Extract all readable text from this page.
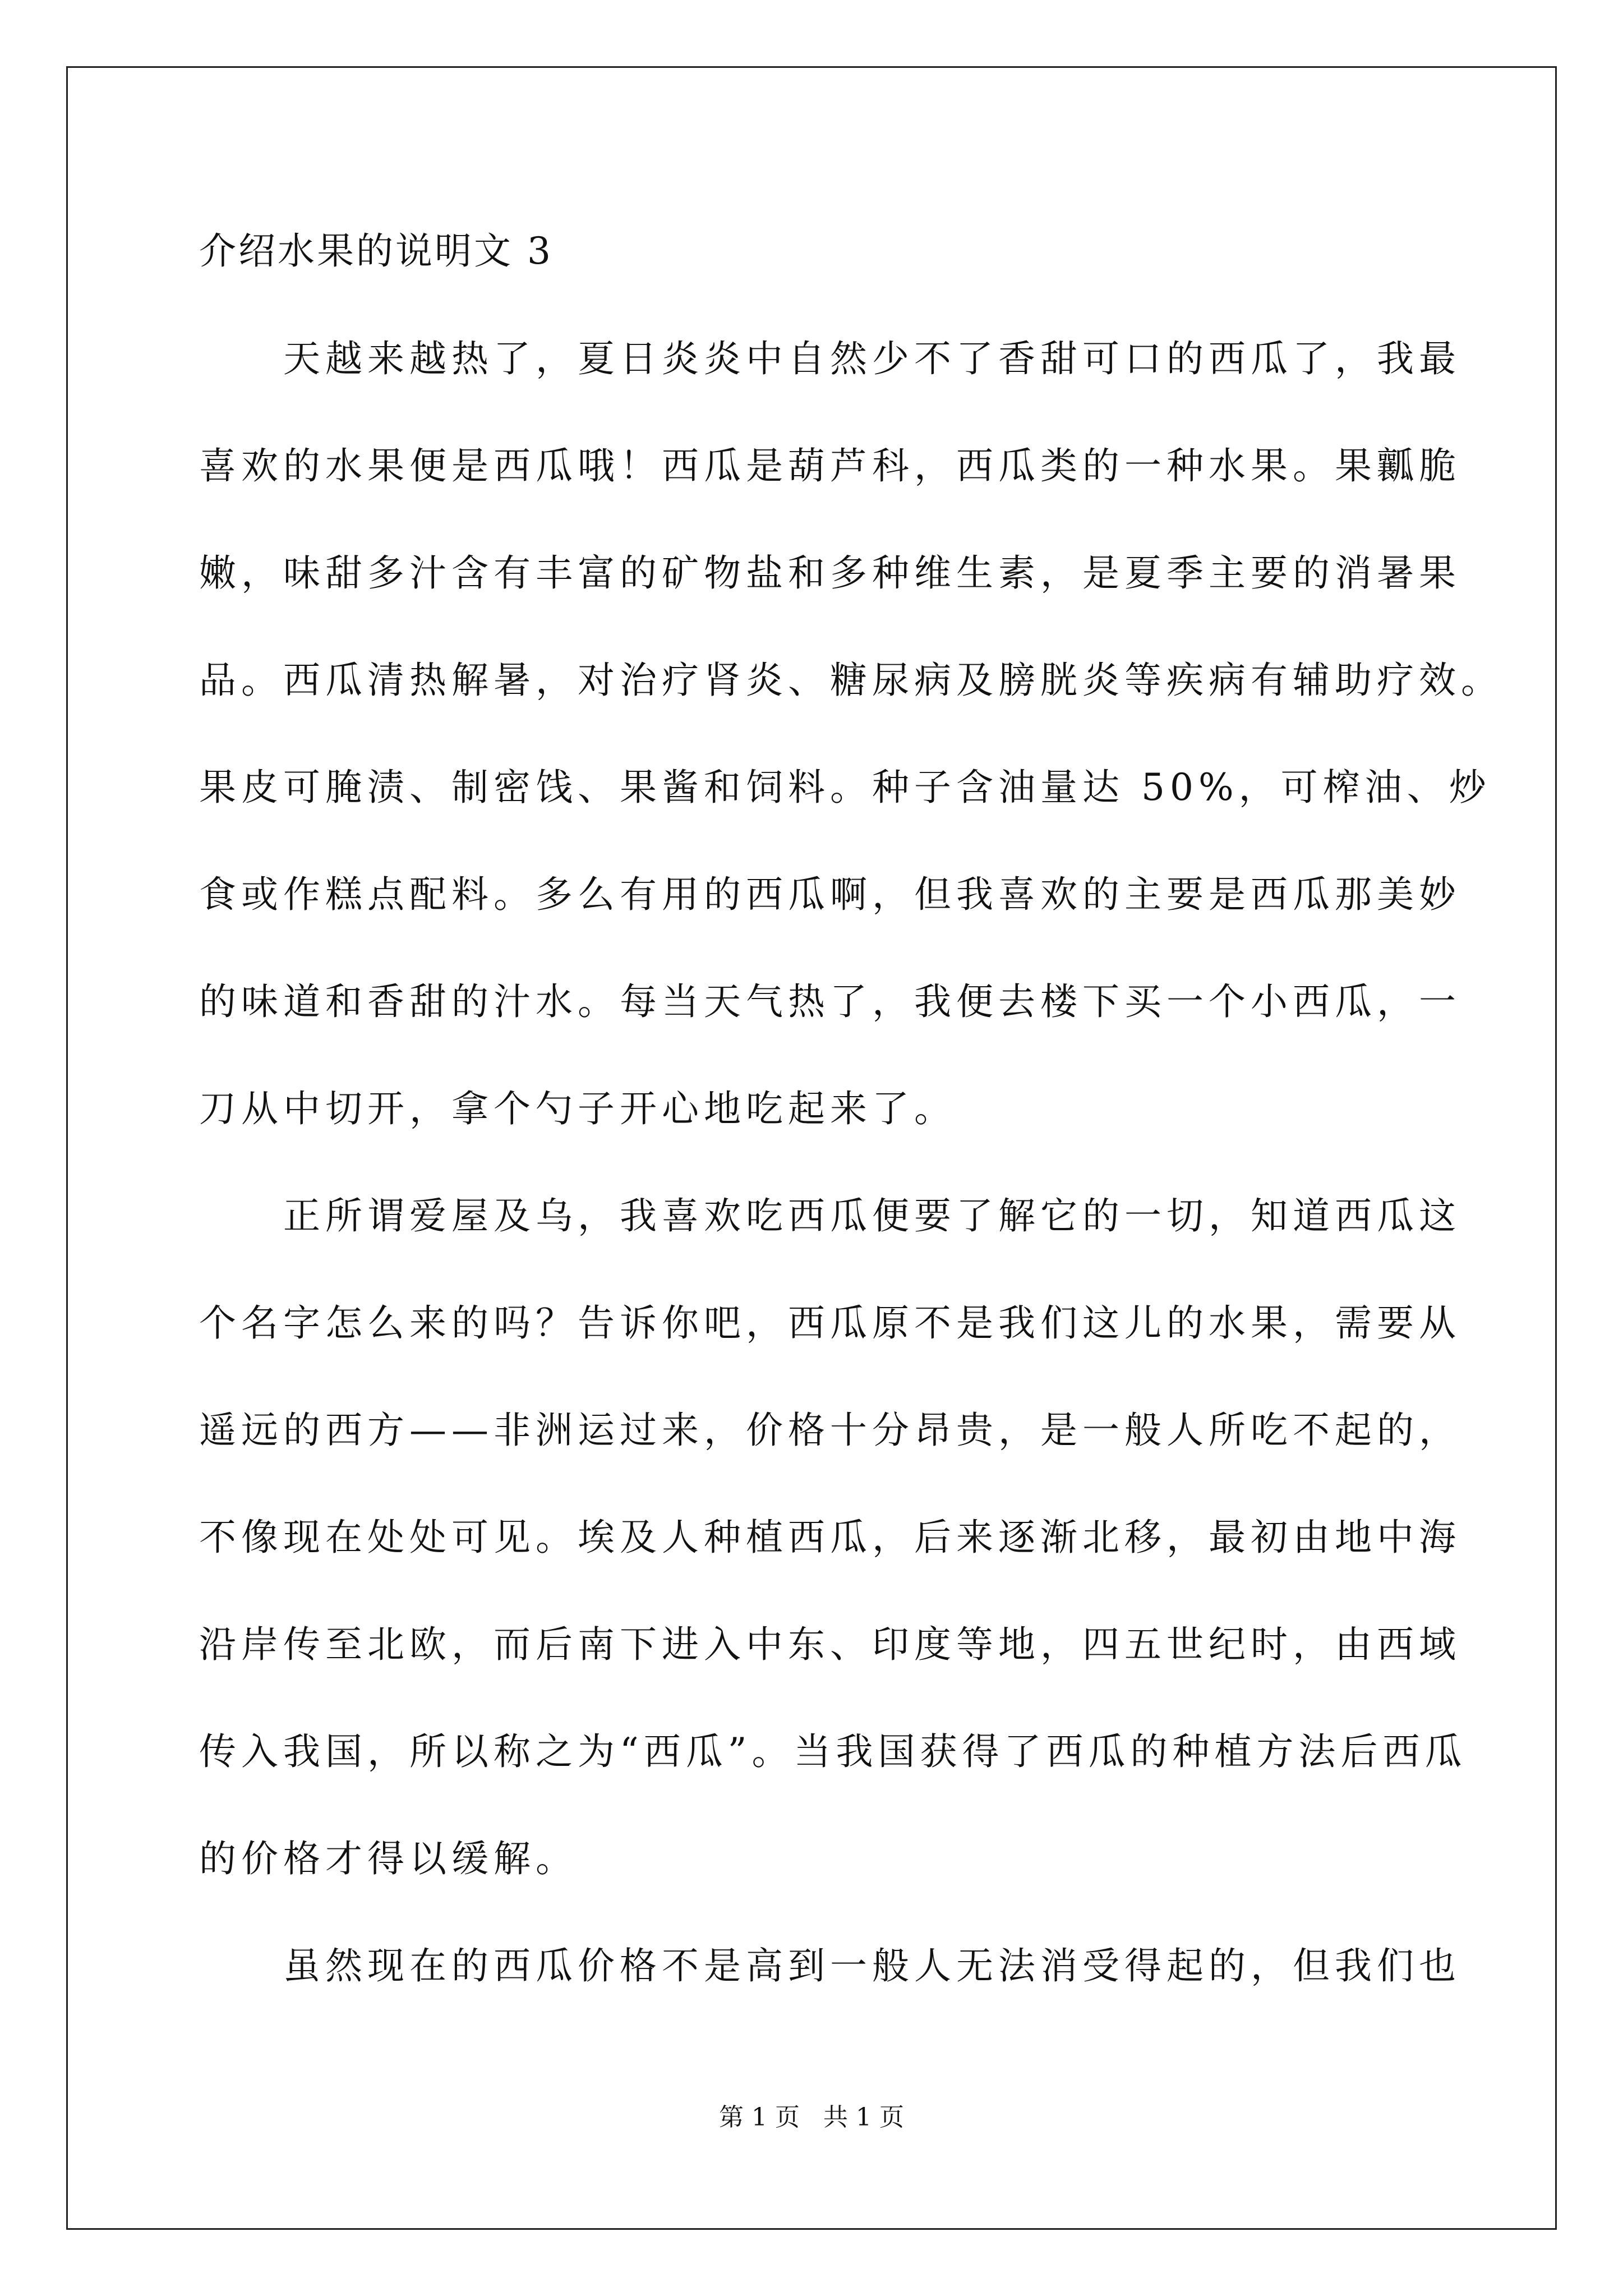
介绍水果的说明文 3

天越来越热了，夏日炎炎中自然少不了香甜可口的西瓜了，我最

喜欢的水果便是西瓜哦！西瓜是葫芦科，西瓜类的一种水果。果瓤脆

嫩，味甜多汁含有丰富的矿物盐和多种维生素，是夏季主要的消暑果

品。西瓜清热解暑，对治疗肾炎、糖尿病及膀胱炎等疾病有辅助疗效。

果皮可腌渍、制密饯、果酱和饲料。种子含油量达 50%，可榨油、炒

食或作糕点配料。多么有用的西瓜啊，但我喜欢的主要是西瓜那美妙

的味道和香甜的汁水。每当天气热了，我便去楼下买一个小西瓜，一

刀从中切开，拿个勺子开心地吃起来了。

正所谓爱屋及乌，我喜欢吃西瓜便要了解它的一切，知道西瓜这

个名字怎么来的吗？告诉你吧，西瓜原不是我们这儿的水果，需要从

遥远的西方——非洲运过来，价格十分昂贵，是一般人所吃不起的，

不像现在处处可见。埃及人种植西瓜，后来逐渐北移，最初由地中海

沿岸传至北欧，而后南下进入中东、印度等地，四五世纪时，由西域

传入我国，所以称之为“西瓜”。当我国获得了西瓜的种植方法后西瓜

的价格才得以缓解。

虽然现在的西瓜价格不是高到一般人无法消受得起的，但我们也

第 1 页   共 1 页
